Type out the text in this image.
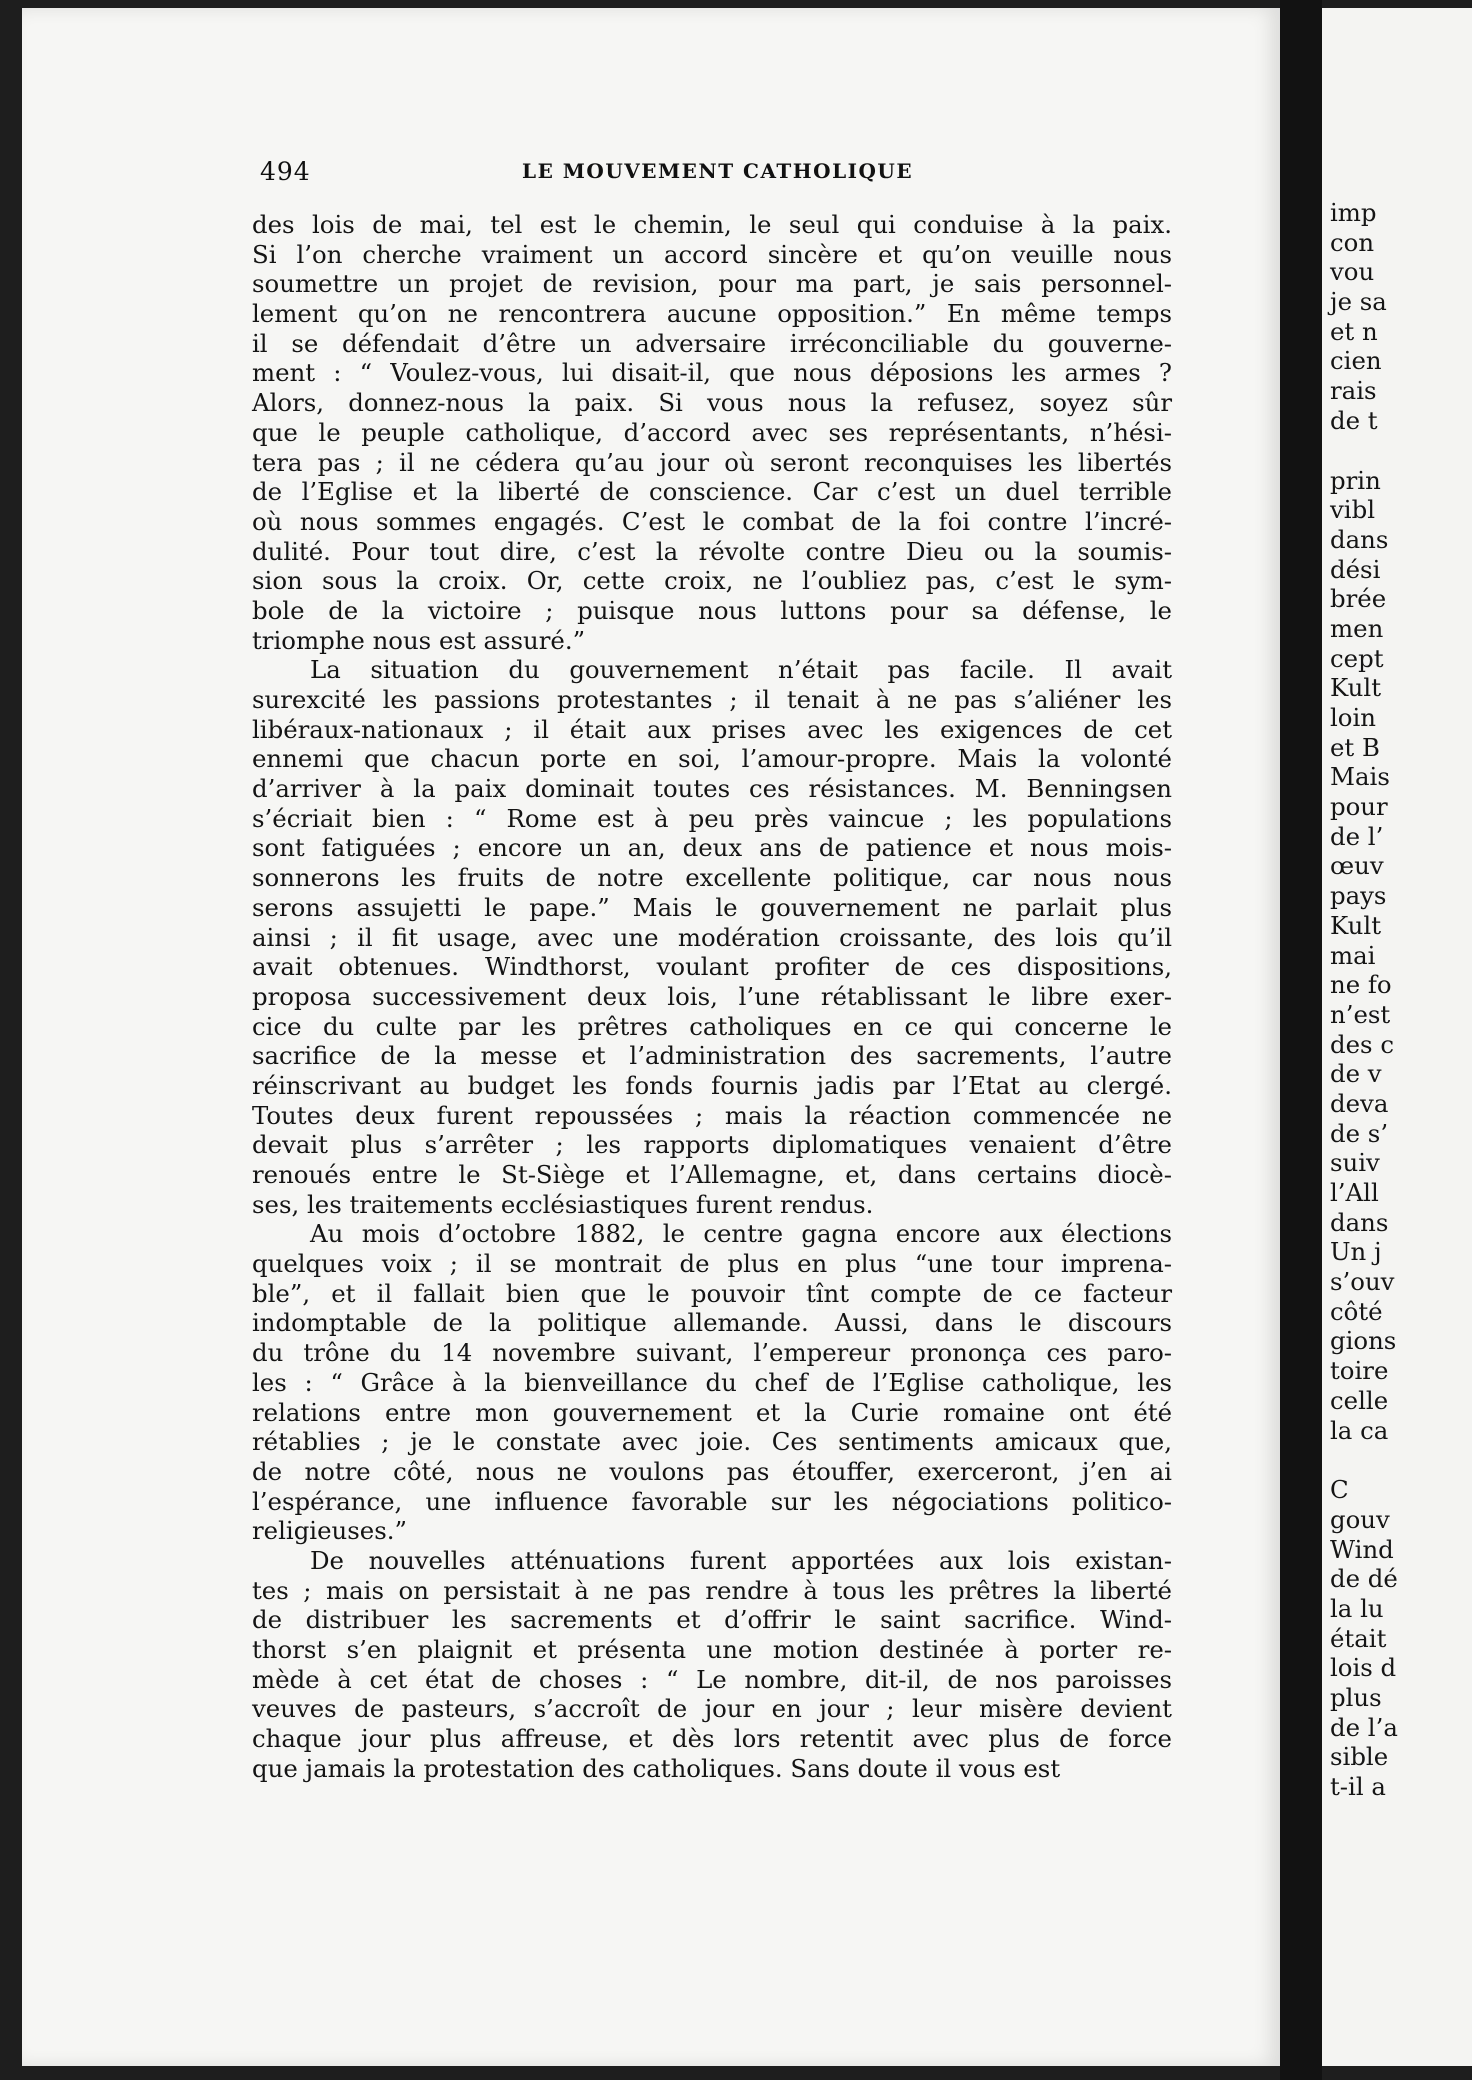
494	LE MOUVEMENT CATHOLIQUE
des lois de mai, tel est le chemin, le seul qui conduise à la paix.
Si l’on cherche vraiment un accord sincère et qu’on veuille nous
soumettre un projet de revision, pour ma part, je sais personnel-
lement qu’on ne rencontrera aucune opposition.” En même temps
il se défendait d’être un adversaire irréconciliable du gouverne-
ment : “ Voulez-vous, lui disait-il, que nous déposions les armes ?
Alors, donnez-nous la paix. Si vous nous la refusez, soyez sûr
que le peuple catholique, d’accord avec ses représentants, n’hési-
tera pas ; il ne cédera qu’au jour où seront reconquises les libertés
de l’Eglise et la liberté de conscience. Car c’est un duel terrible
où nous sommes engagés. C’est le combat de la foi contre l’incré-
dulité. Pour tout dire, c’est la révolte contre Dieu ou la soumis-
sion sous la croix. Or, cette croix, ne l’oubliez pas, c’est le sym-
bole de la victoire ; puisque nous luttons pour sa défense, le
triomphe nous est assuré.”
La situation du gouvernement n’était pas facile. Il avait
surexcité les passions protestantes ; il tenait à ne pas s’aliéner les
libéraux-nationaux ; il était aux prises avec les exigences de cet
ennemi que chacun porte en soi, l’amour-propre. Mais la volonté
d’arriver à la paix dominait toutes ces résistances. M. Benningsen
s’écriait bien : “ Rome est à peu près vaincue ; les populations
sont fatiguées ; encore un an, deux ans de patience et nous mois-
sonnerons les fruits de notre excellente politique, car nous nous
serons assujetti le pape.” Mais le gouvernement ne parlait plus
ainsi ; il fit usage, avec une modération croissante, des lois qu’il
avait obtenues. Windthorst, voulant profiter de ces dispositions,
proposa successivement deux lois, l’une rétablissant le libre exer-
cice du culte par les prêtres catholiques en ce qui concerne le
sacrifice de la messe et l’administration des sacrements, l’autre
réinscrivant au budget les fonds fournis jadis par l’Etat au clergé.
Toutes deux furent repoussées ; mais la réaction commencée ne
devait plus s’arrêter ; les rapports diplomatiques venaient d’être
renoués entre le St-Siège et l’Allemagne, et, dans certains diocè-
ses, les traitements ecclésiastiques furent rendus.
Au mois d’octobre 1882, le centre gagna encore aux élections
quelques voix ; il se montrait de plus en plus “une tour imprena-
ble”, et il fallait bien que le pouvoir tînt compte de ce facteur
indomptable de la politique allemande. Aussi, dans le discours
du trône du 14 novembre suivant, l’empereur prononça ces paro-
les : “ Grâce à la bienveillance du chef de l’Eglise catholique, les
relations entre mon gouvernement et la Curie romaine ont été
rétablies ; je le constate avec joie. Ces sentiments amicaux que,
de notre côté, nous ne voulons pas étouffer, exerceront, j’en ai
l’espérance, une influence favorable sur les négociations politico-
religieuses.”
De nouvelles atténuations furent apportées aux lois existan-
tes ; mais on persistait à ne pas rendre à tous les prêtres la liberté
de distribuer les sacrements et d’offrir le saint sacrifice. Wind-
thorst s’en plaignit et présenta une motion destinée à porter re-
mède à cet état de choses : “ Le nombre, dit-il, de nos paroisses
veuves de pasteurs, s’accroît de jour en jour ; leur misère devient
chaque jour plus affreuse, et dès lors retentit avec plus de force
que jamais la protestation des catholiques. Sans doute il vous est
imp
con
vou
je sa
et n
cien
rais
de t
prin
vibl
dans
dési
brée
men
cept
Kult
loin
et B
Mais
pour
de l’
œuv
pays
Kult
mai
ne fo
n’est
des c
de v
deva
de s’
suiv
l’All
dans
Un j
s’ouv
côté
gions
toire
celle
la ca
C
gouv
Wind
de dé
la lu
était
lois d
plus
de l’a
sible
t-il a
